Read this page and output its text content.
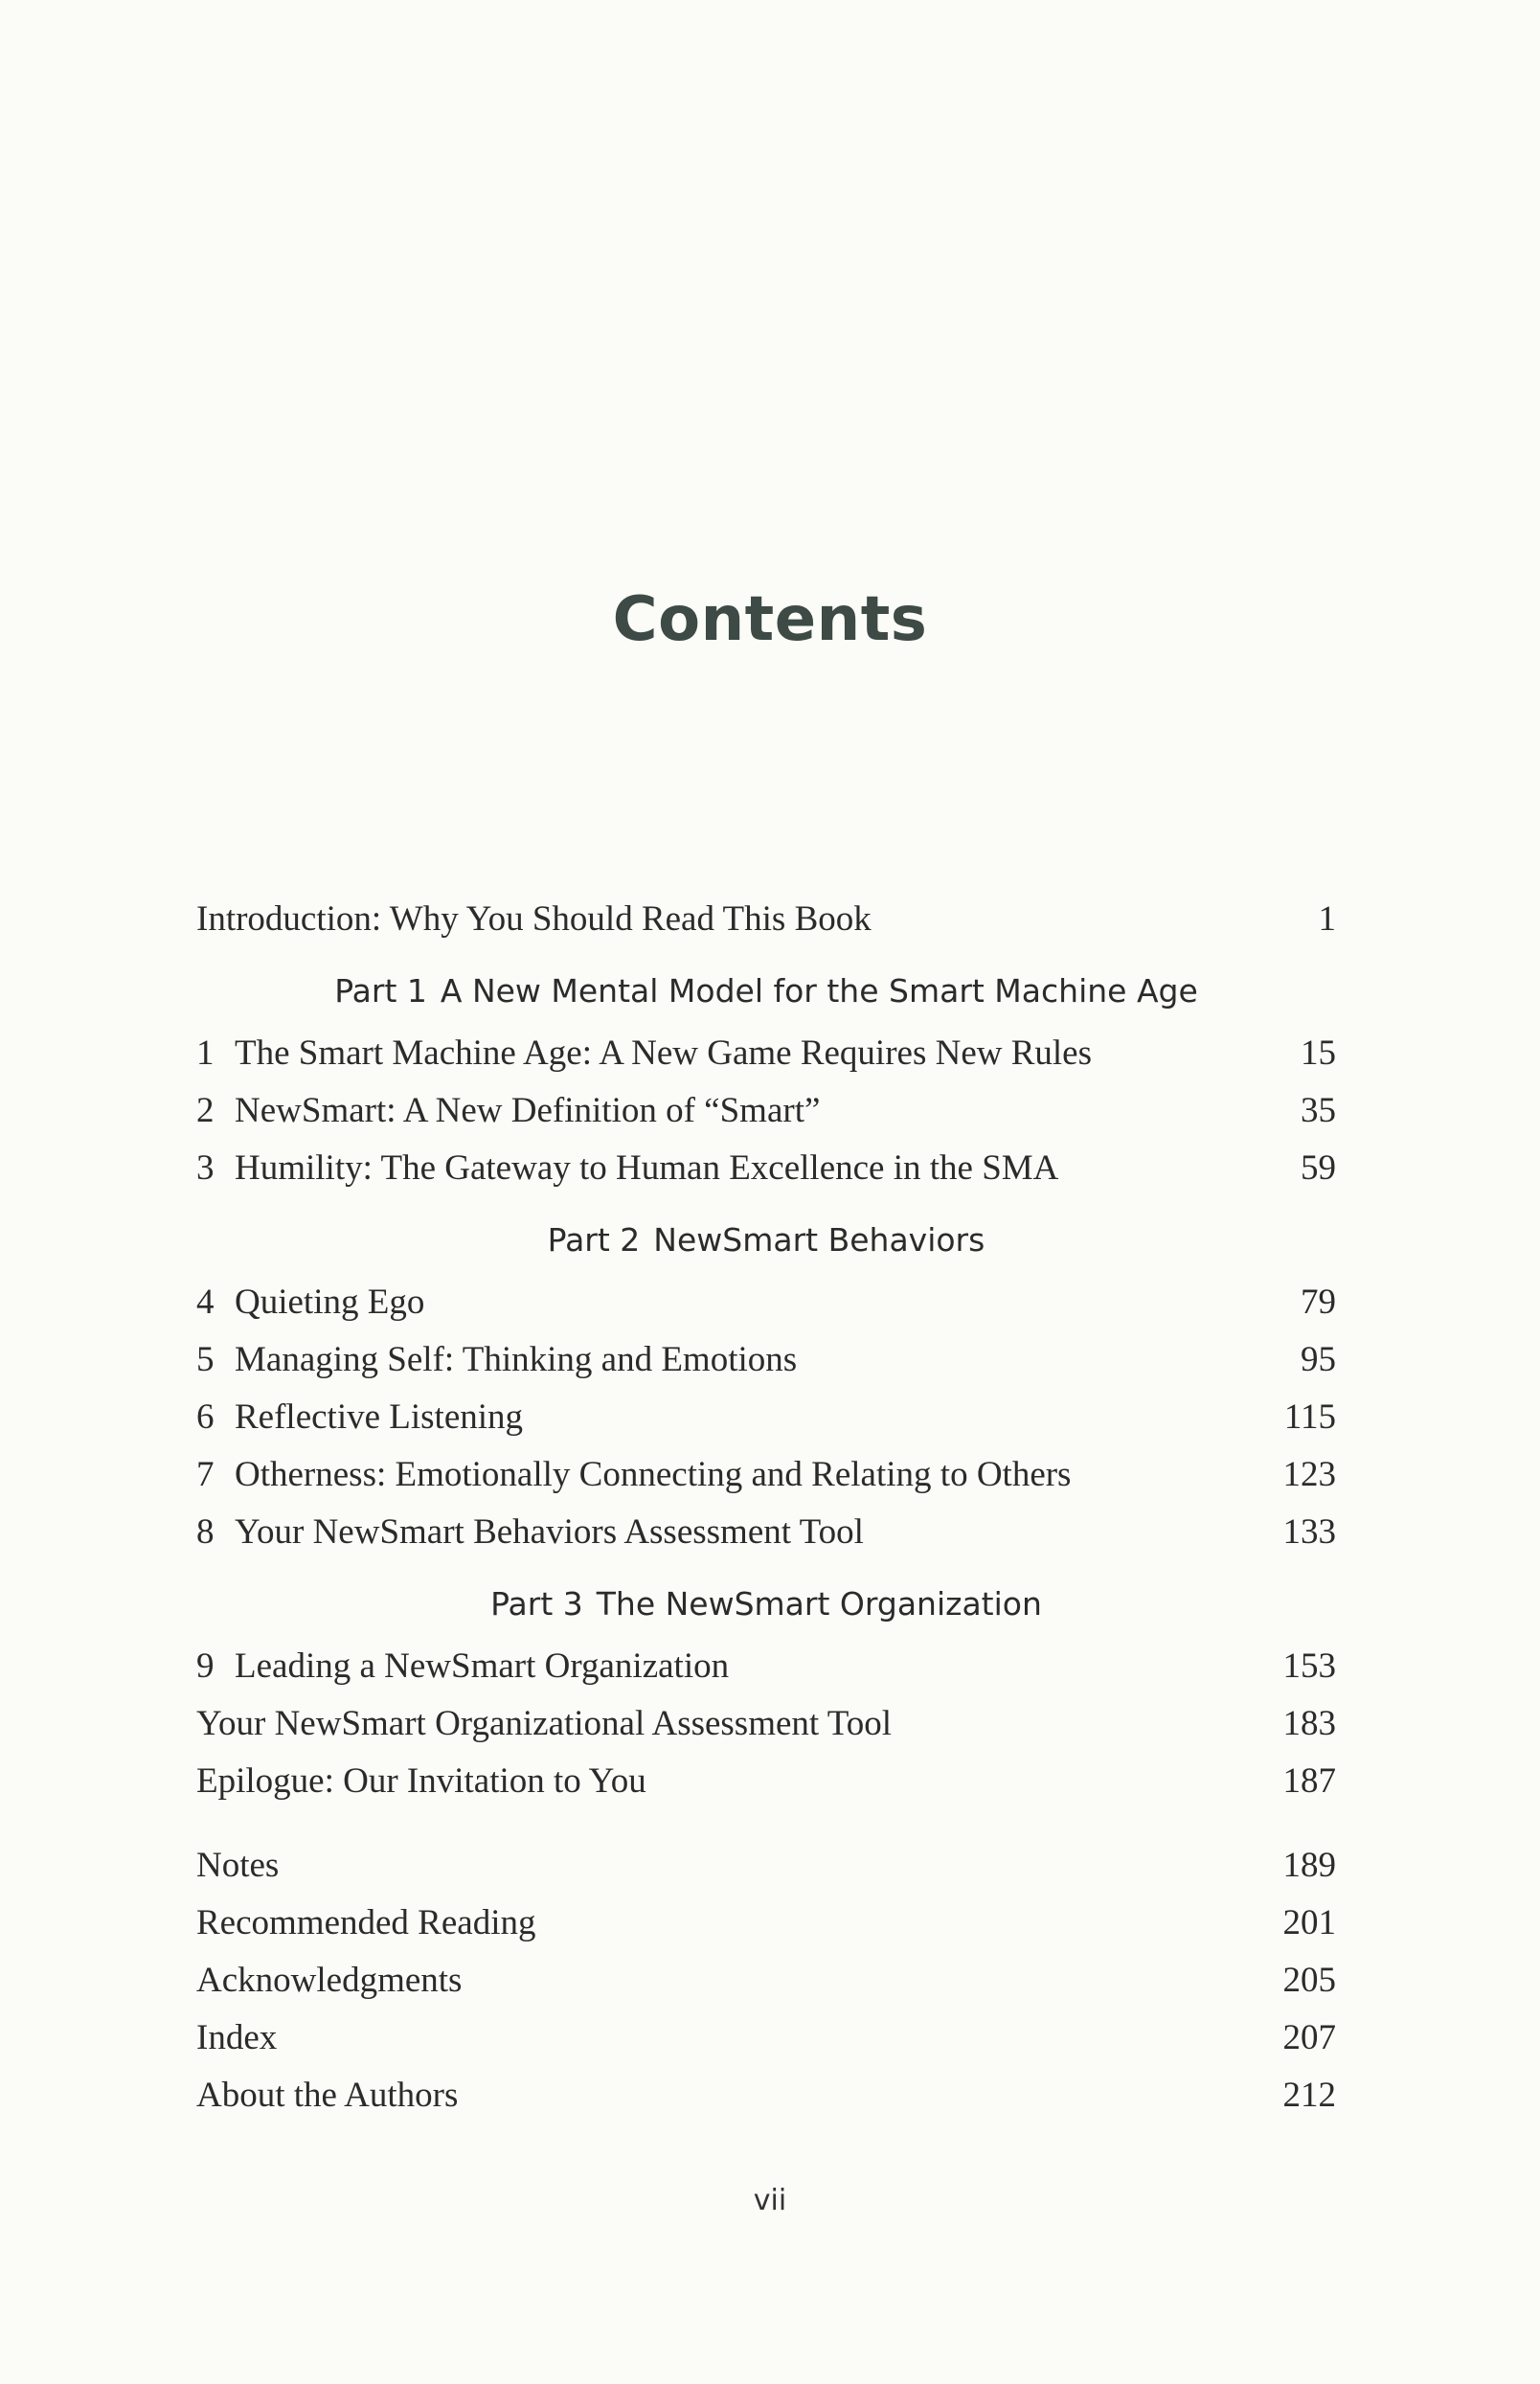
Contents
Introduction: Why You Should Read This Book	1
Part 1 A New Mental Model for the Smart Machine Age
1 The Smart Machine Age: A New Game Requires New Rules	15
2 NewSmart: A New Definition of “Smart”	35
3 Humility: The Gateway to Human Excellence in the SMA	59
Part 2 NewSmart Behaviors
4 Quieting Ego	79
5 Managing Self: Thinking and Emotions	95
6 Reflective Listening	115
7 Otherness: Emotionally Connecting and Relating to Others	123
8 Your NewSmart Behaviors Assessment Tool	133
Part 3 The NewSmart Organization
9 Leading a NewSmart Organization	153
Your NewSmart Organizational Assessment Tool	183
Epilogue: Our Invitation to You	187
Notes	189
Recommended Reading	201
Acknowledgments	205
Index	207
About the Authors	212
vii
